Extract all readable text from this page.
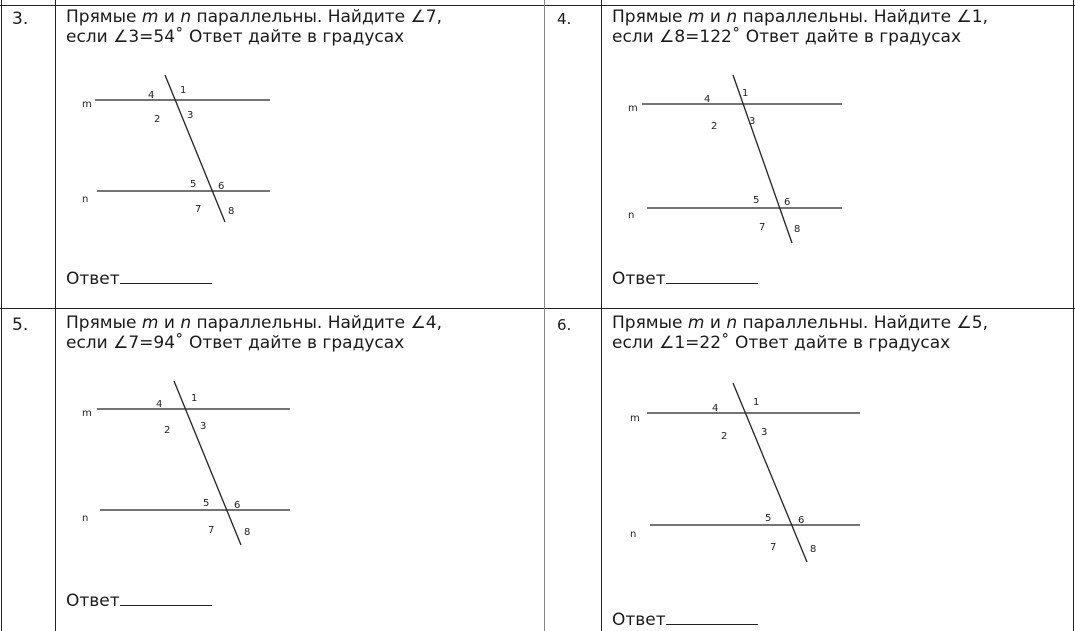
3. Прямые m и n параллельны. Найдите ∠7,
если ∠3=54˚ Ответ дайте в градусах
m
n
4	1
2	3
5 6
7	8
Ответ
4. Прямые m и n параллельны. Найдите ∠1,
если ∠8=122˚ Ответ дайте в градусах
m
n
4
1
2	3
5 6
7	8
Ответ
5. Прямые m и n параллельны. Найдите ∠4,
если ∠7=94˚ Ответ дайте в градусах
m
n
4
1
2	3
5 6
7	8
Ответ
6. Прямые m и n параллельны. Найдите ∠5,
если ∠1=22˚ Ответ дайте в градусах
m
n
4
1
2	3
5	6
7	8
Ответ
